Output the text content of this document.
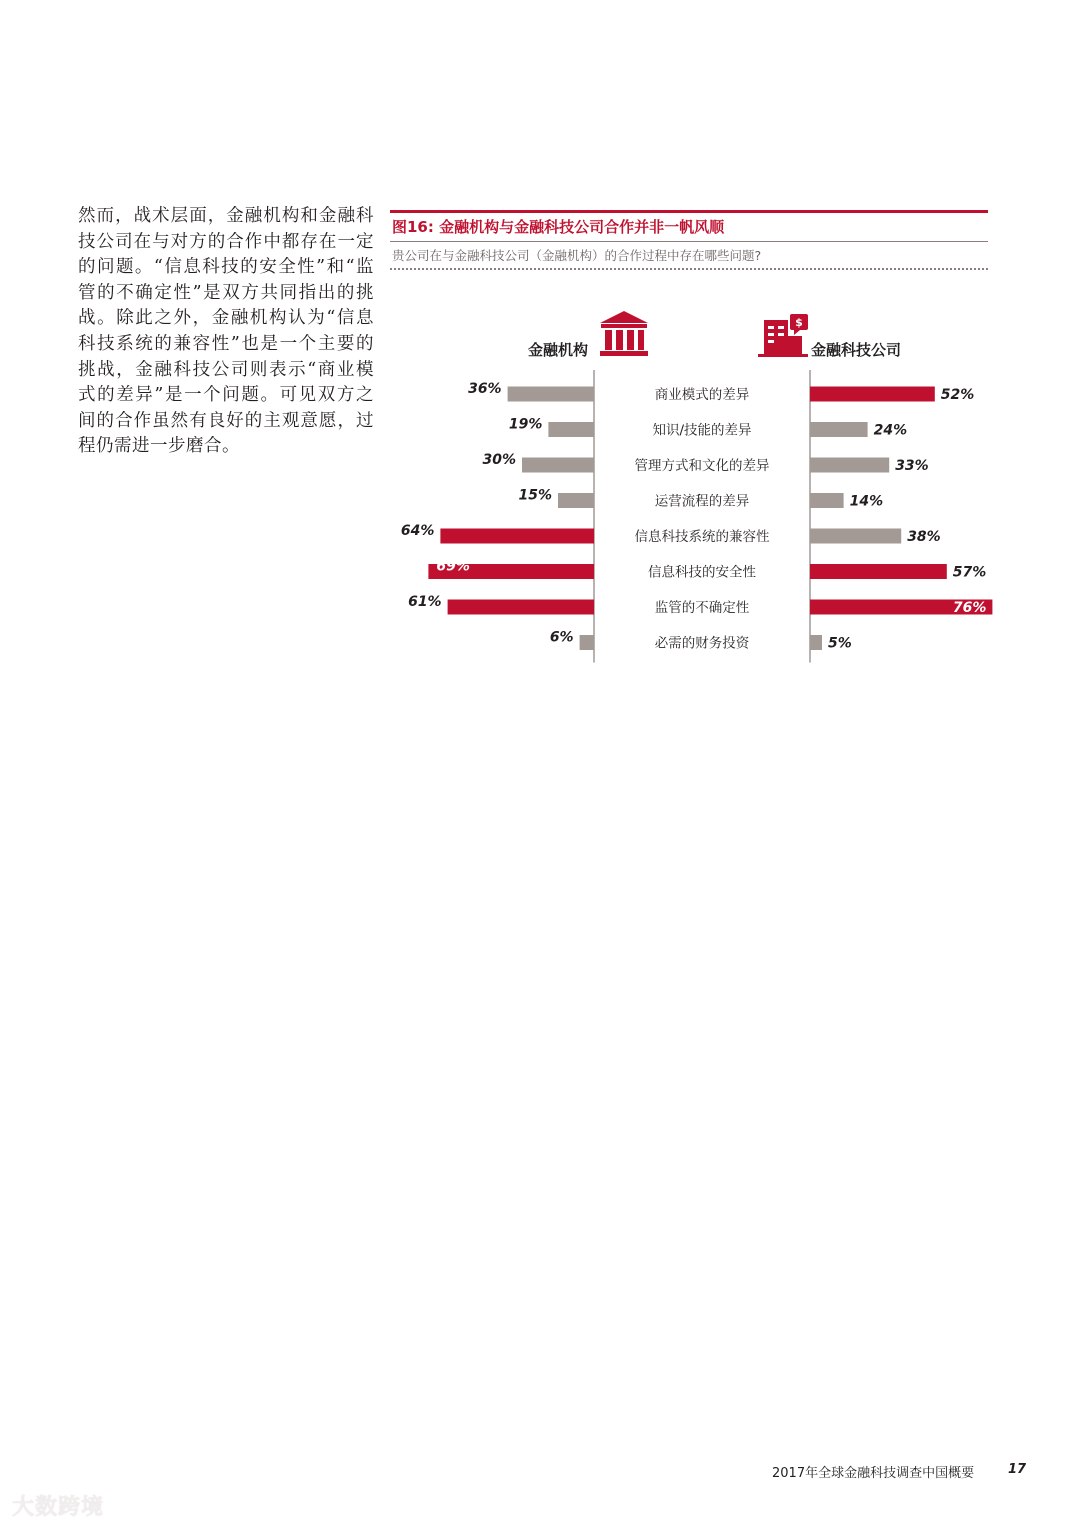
然而，战术层面，金融机构和金融科技公司在与对方的合作中都存在一定的问题。“信息科技的安全性”和“监管的不确定性”是双方共同指出的挑战。除此之外，金融机构认为“信息科技系统的兼容性”也是一个主要的挑战，金融科技公司则表示“商业模式的差异”是一个问题。可见双方之间的合作虽然有良好的主观意愿，过程仍需进一步磨合。
图16: 金融机构与金融科技公司合作并非一帆风顺
贵公司在与金融科技公司（金融机构）的合作过程中存在哪些问题?
金融机构	金融科技公司
$
36%	52%
商业模式的差异
19%	24%
知识/技能的差异
30%	33%
管理方式和文化的差异
15%	14%
运营流程的差异
64%	38%
信息科技系统的兼容性
69%	57%
信息科技的安全性
61%	76%
监管的不确定性
6%	5%
必需的财务投资
2017年全球金融科技调查中国概要	17
大数跨境
